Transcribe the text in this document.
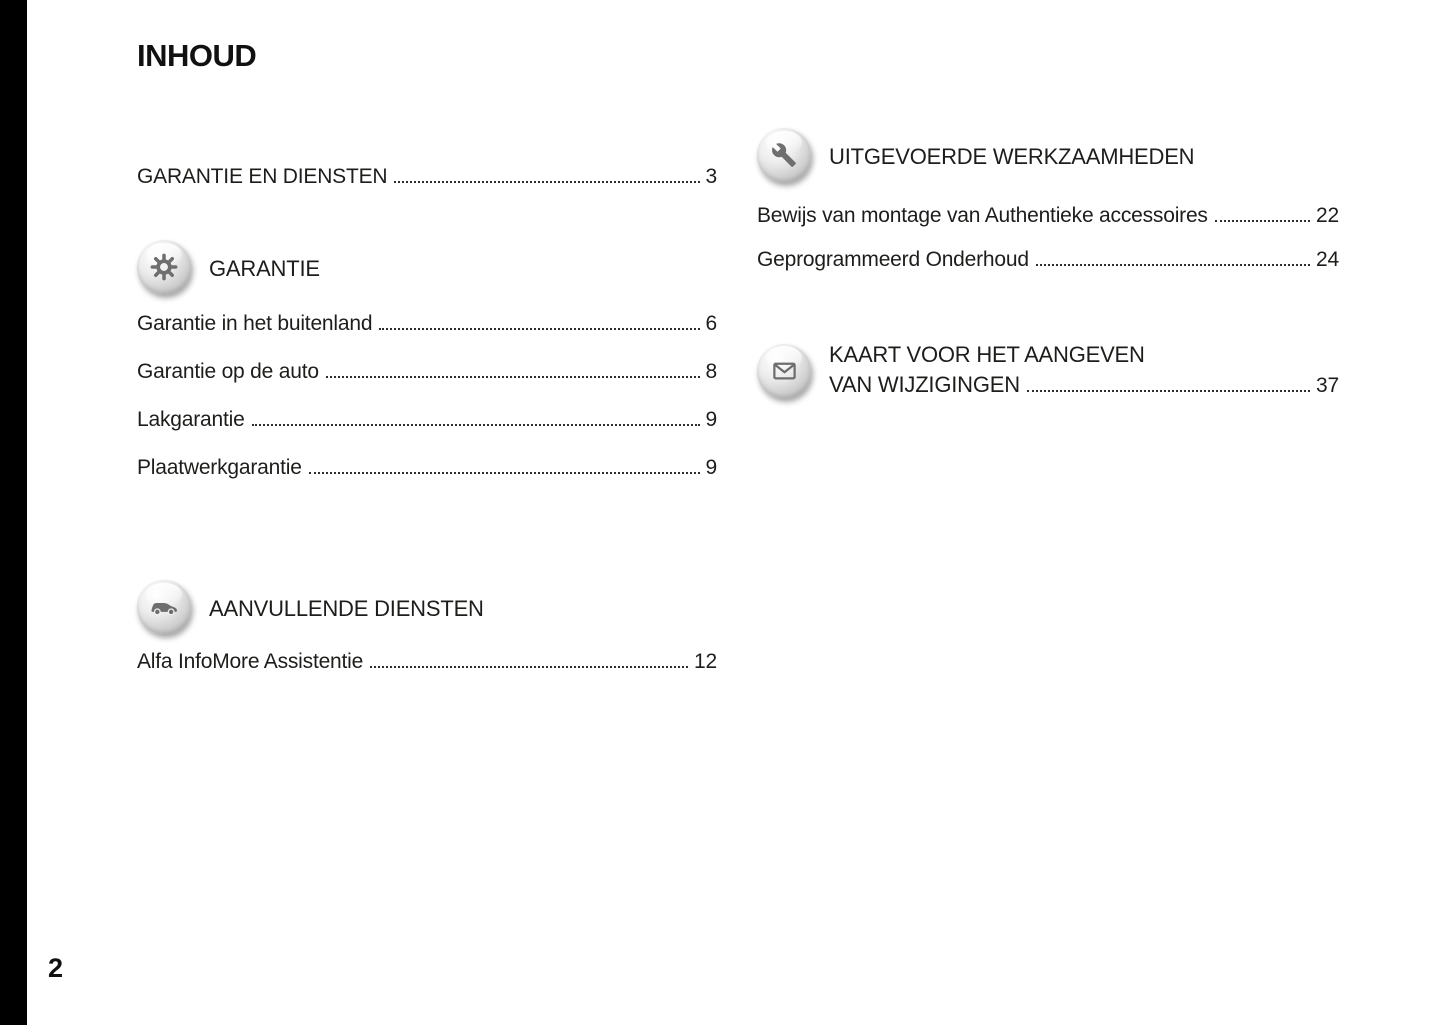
INHOUD
GARANTIE EN DIENSTEN	3
GARANTIE
Garantie in het buitenland	6
Garantie op de auto	8
Lakgarantie	9
Plaatwerkgarantie	9
AANVULLENDE DIENSTEN
Alfa InfoMore Assistentie	12
UITGEVOERDE WERKZAAMHEDEN
Bewijs van montage van Authentieke accessoires	22
Geprogrammeerd Onderhoud	24
KAART VOOR HET AANGEVEN
VAN WIJZIGINGEN	37
2
